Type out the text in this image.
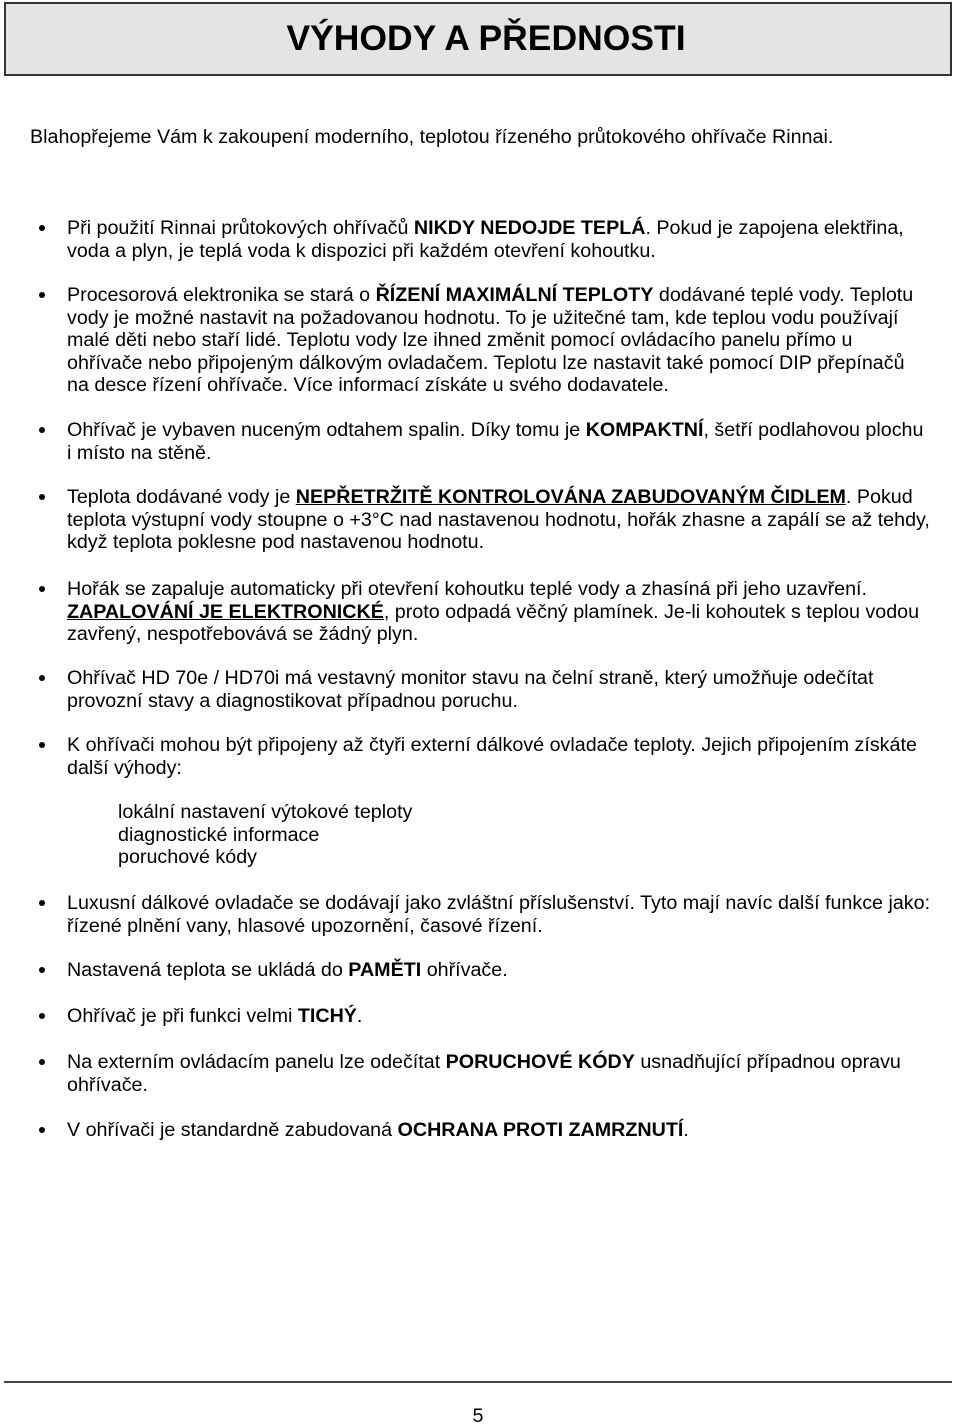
VÝHODY A PŘEDNOSTI

Blahopřejeme Vám k zakoupení moderního, teplotou řízeného průtokového ohřívače Rinnai.

Při použití Rinnai průtokových ohřívačů NIKDY NEDOJDE TEPLÁ. Pokud je zapojena elektřina,
voda a plyn, je teplá voda k dispozici při každém otevření kohoutku.
Procesorová elektronika se stará o ŘÍZENÍ MAXIMÁLNÍ TEPLOTY dodávané teplé vody. Teplotu
vody je možné nastavit na požadovanou hodnotu. To je užitečné tam, kde teplou vodu používají
malé děti nebo staří lidé. Teplotu vody lze ihned změnit pomocí ovládacího panelu přímo u
ohřívače nebo připojeným dálkovým ovladačem. Teplotu lze nastavit také pomocí DIP přepínačů
na desce řízení ohřívače. Více informací získáte u svého dodavatele.
Ohřívač je vybaven nuceným odtahem spalin. Díky tomu je KOMPAKTNÍ, šetří podlahovou plochu
i místo na stěně.
Teplota dodávané vody je NEPŘETRŽITĚ KONTROLOVÁNA ZABUDOVANÝM ČIDLEM. Pokud
teplota výstupní vody stoupne o +3°C nad nastavenou hodnotu, hořák zhasne a zapálí se až tehdy,
když teplota poklesne pod nastavenou hodnotu.
Hořák se zapaluje automaticky při otevření kohoutku teplé vody a zhasíná při jeho uzavření.
ZAPALOVÁNÍ JE ELEKTRONICKÉ, proto odpadá věčný plamínek. Je-li kohoutek s teplou vodou
zavřený, nespotřebovává se žádný plyn.
Ohřívač HD 70e / HD70i má vestavný monitor stavu na čelní straně, který umožňuje odečítat
provozní stavy a diagnostikovat případnou poruchu.
K ohřívači mohou být připojeny až čtyři externí dálkové ovladače teploty. Jejich připojením získáte
další výhody:
lokální nastavení výtokové teploty
diagnostické informace
poruchové kódy
Luxusní dálkové ovladače se dodávají jako zvláštní příslušenství. Tyto mají navíc další funkce jako:
řízené plnění vany, hlasové upozornění, časové řízení.
Nastavená teplota se ukládá do PAMĚTI ohřívače.
Ohřívač je při funkci velmi TICHÝ.
Na externím ovládacím panelu lze odečítat PORUCHOVÉ KÓDY usnadňující případnou opravu
ohřívače.
V ohřívači je standardně zabudovaná OCHRANA PROTI ZAMRZNUTÍ.
5
